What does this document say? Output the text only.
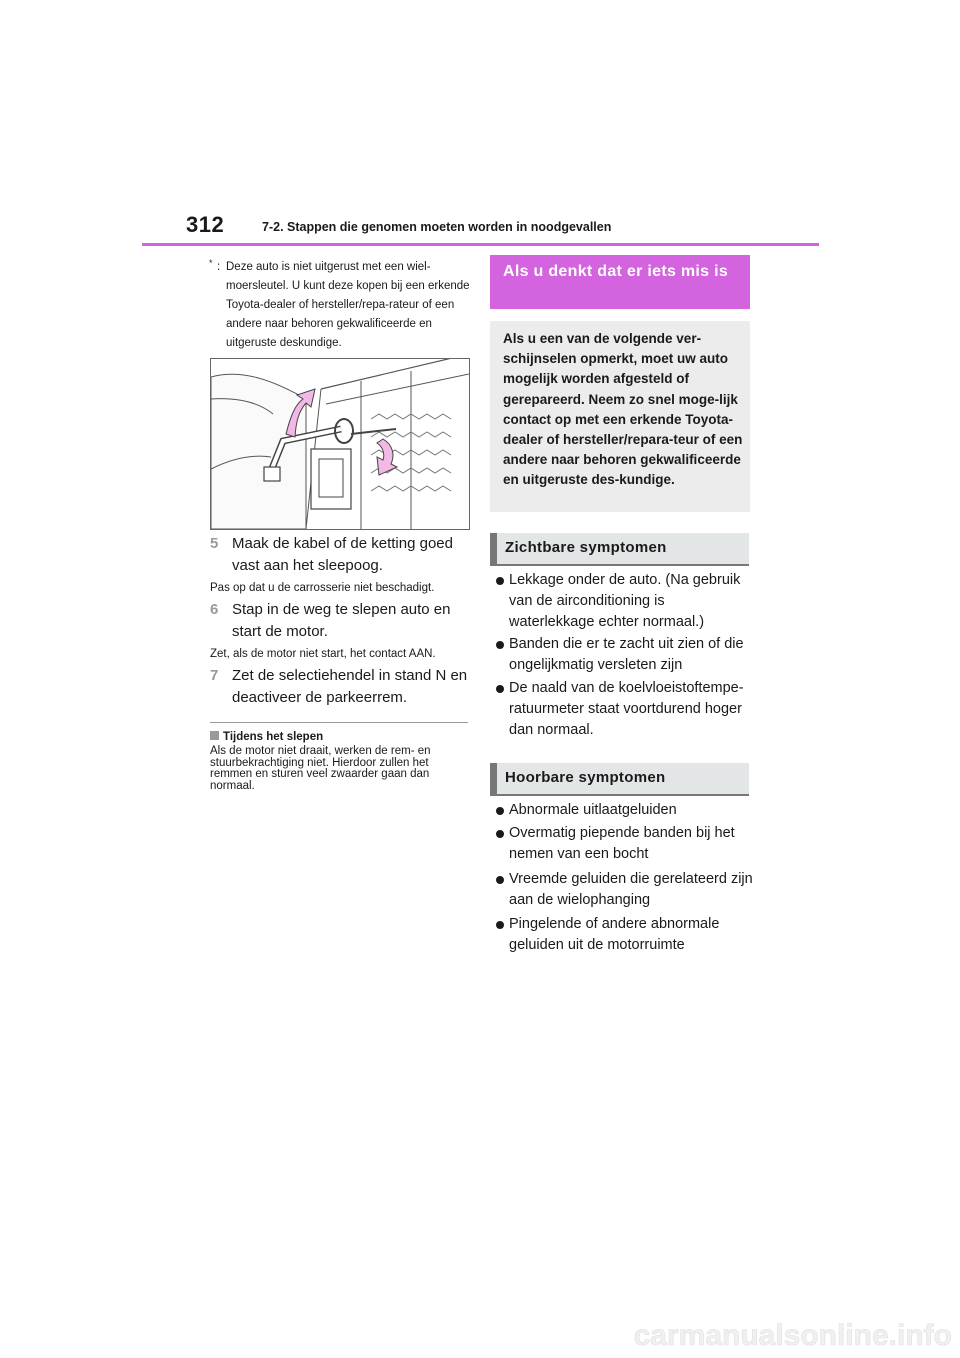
312	7-2. Stappen die genomen moeten worden in noodgevallen
* : Deze auto is niet uitgerust met een wiel-moersleutel. U kunt deze kopen bij een erkende Toyota-dealer of hersteller/repa-rateur of een andere naar behoren gekwalificeerde en uitgeruste deskundige.
5 Maak de kabel of de ketting goed vast aan het sleepoog.
Pas op dat u de carrosserie niet beschadigt.
6 Stap in de weg te slepen auto en start de motor.
Zet, als de motor niet start, het contact AAN.
7 Zet de selectiehendel in stand N en deactiveer de parkeerrem.
Tijdens het slepen
Als de motor niet draait, werken de rem- en stuurbekrachtiging niet. Hierdoor zullen het remmen en sturen veel zwaarder gaan dan normaal.
Als u denkt dat er iets mis is
Als u een van de volgende ver-schijnselen opmerkt, moet uw auto mogelijk worden afgesteld of gerepareerd. Neem zo snel moge-lijk contact op met een erkende Toyota-dealer of hersteller/repara-teur of een andere naar behoren gekwalificeerde en uitgeruste des-kundige.
Zichtbare symptomen
Lekkage onder de auto. (Na gebruik van de airconditioning is waterlekkage echter normaal.)
Banden die er te zacht uit zien of die ongelijkmatig versleten zijn
De naald van de koelvloeistoftempe-ratuurmeter staat voortdurend hoger dan normaal.
Hoorbare symptomen
Abnormale uitlaatgeluiden
Overmatig piepende banden bij het nemen van een bocht
Vreemde geluiden die gerelateerd zijn aan de wielophanging
Pingelende of andere abnormale geluiden uit de motorruimte
carmanualsonline.info
